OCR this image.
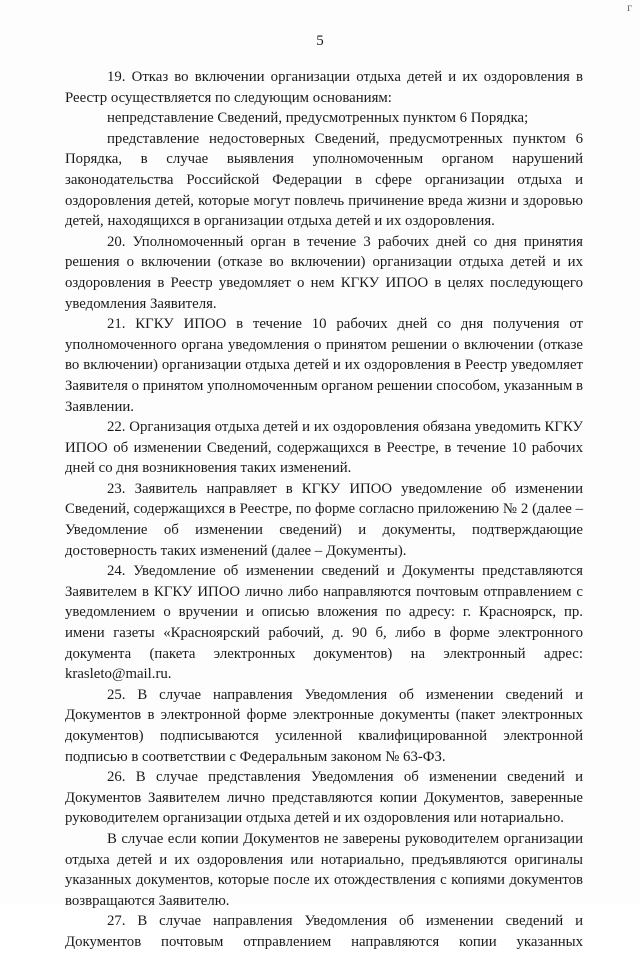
г
5

19. Отказ во включении организации отдыха детей и их оздоровления в Реестр осуществляется по следующим основаниям:

непредставление Сведений, предусмотренных пунктом 6 Порядка;

представление недостоверных Сведений, предусмотренных пунктом 6 Порядка, в случае выявления уполномоченным органом нарушений законодательства Российской Федерации в сфере организации отдыха и оздоровления детей, которые могут повлечь причинение вреда жизни и здоровью детей, находящихся в организации отдыха детей и их оздоровления.

20. Уполномоченный орган в течение 3 рабочих дней со дня принятия решения о включении (отказе во включении) организации отдыха детей и их оздоровления в Реестр уведомляет о нем КГКУ ИПОО в целях последующего уведомления Заявителя.

21. КГКУ ИПОО в течение 10 рабочих дней со дня получения от уполномоченного органа уведомления о принятом решении о включении (отказе во включении) организации отдыха детей и их оздоровления в Реестр уведомляет Заявителя о принятом уполномоченным органом решении способом, указанным в Заявлении.

22. Организация отдыха детей и их оздоровления обязана уведомить КГКУ ИПОО об изменении Сведений, содержащихся в Реестре, в течение 10 рабочих дней со дня возникновения таких изменений.

23. Заявитель направляет в КГКУ ИПОО уведомление об изменении Сведений, содержащихся в Реестре, по форме согласно приложению № 2 (далее – Уведомление об изменении сведений) и документы, подтверждающие достоверность таких изменений (далее – Документы).

24. Уведомление об изменении сведений и Документы представляются Заявителем в КГКУ ИПОО лично либо направляются почтовым отправлением с уведомлением о вручении и описью вложения по адресу: г. Красноярск, пр. имени газеты «Красноярский рабочий, д. 90 б, либо в форме электронного документа (пакета электронных документов) на электронный адрес: krasleto@mail.ru.

25. В случае направления Уведомления об изменении сведений и Документов в электронной форме электронные документы (пакет электронных документов) подписываются усиленной квалифицированной электронной подписью в соответствии с Федеральным законом № 63-ФЗ.

26. В случае представления Уведомления об изменении сведений и Документов Заявителем лично представляются копии Документов, заверенные руководителем организации отдыха детей и их оздоровления или нотариально.

В случае если копии Документов не заверены руководителем организации отдыха детей и их оздоровления или нотариально, предъявляются оригиналы указанных документов, которые после их отождествления с копиями документов возвращаются Заявителю.

27. В случае направления Уведомления об изменении сведений и Документов почтовым отправлением направляются копии указанных
